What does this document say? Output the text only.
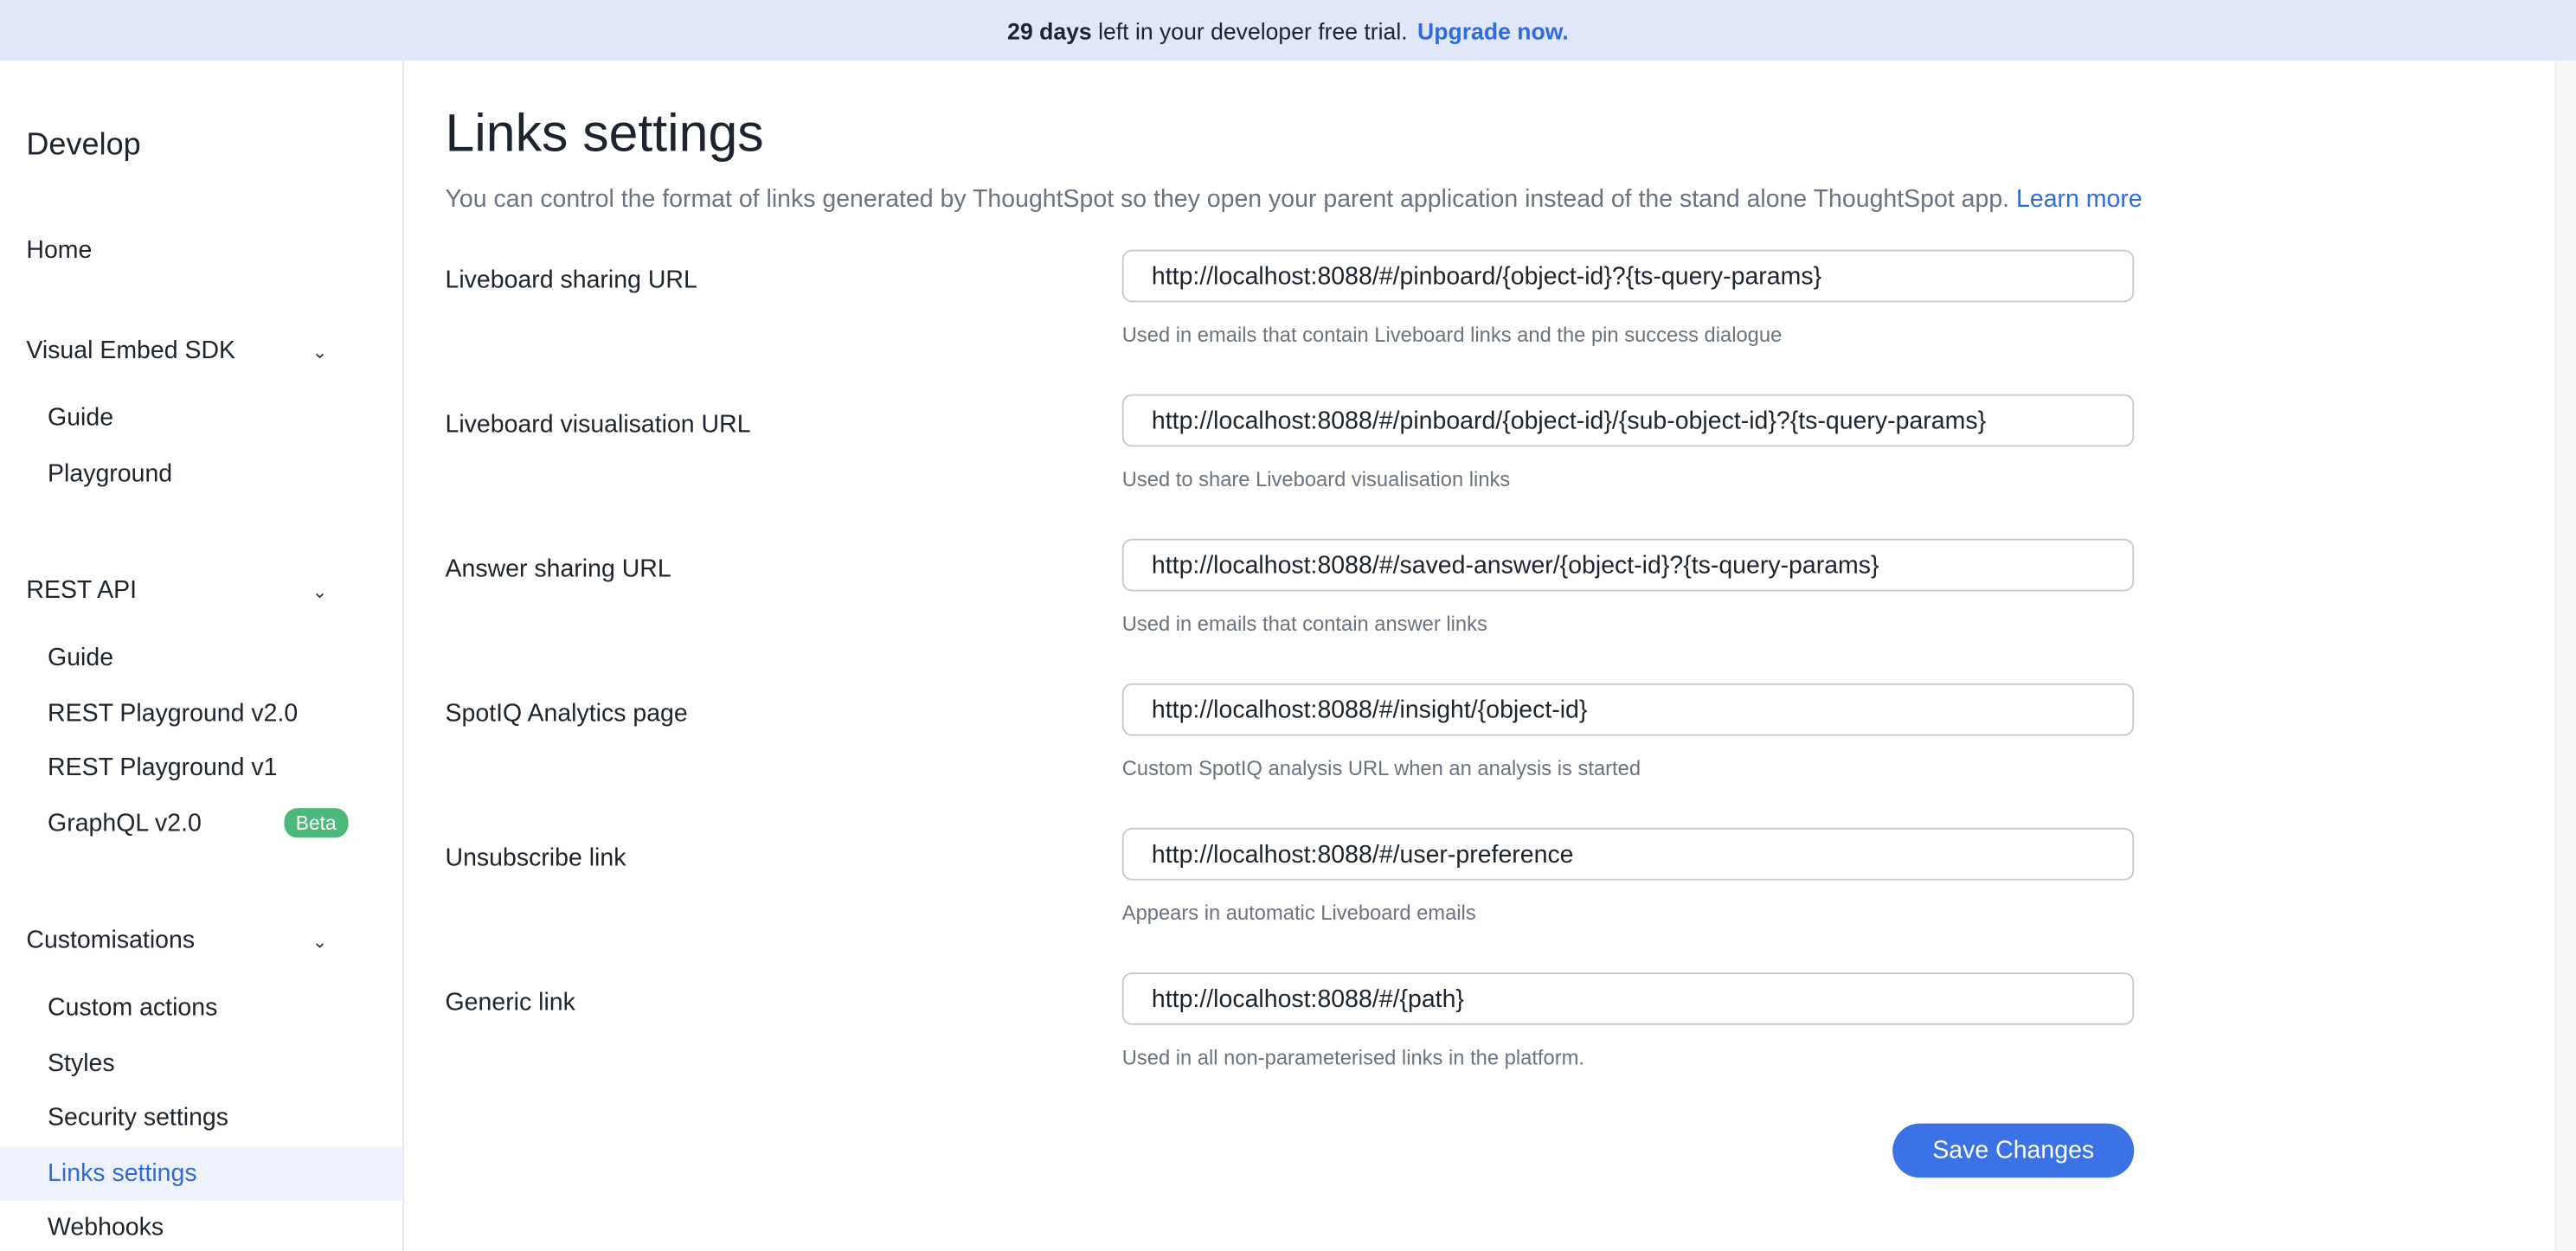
29 days
left in your developer free trial. Upgrade now.
Develop
Home
Visual Embed SDK	⌄
Guide
Playground
REST API	⌄
Guide
REST Playground v2.0
REST Playground v1
GraphQL v2.0	Beta
Customisations	⌄
Custom actions
Styles
Security settings
Links settings
Webhooks
Links settings
You can control the format of links generated by ThoughtSpot so they open your parent application instead of the stand alone ThoughtSpot app. Learn more
Liveboard sharing URL
http://localhost:8088/#/pinboard/{object-id}?{ts-query-params}
Used in emails that contain Liveboard links and the pin success dialogue
Liveboard visualisation URL
http://localhost:8088/#/pinboard/{object-id}/{sub-object-id}?{ts-query-params}
Used to share Liveboard visualisation links
Answer sharing URL
http://localhost:8088/#/saved-answer/{object-id}?{ts-query-params}
Used in emails that contain answer links
SpotIQ Analytics page
http://localhost:8088/#/insight/{object-id}
Custom SpotIQ analysis URL when an analysis is started
Unsubscribe link
http://localhost:8088/#/user-preference
Appears in automatic Liveboard emails
Generic link
http://localhost:8088/#/{path}
Used in all non-parameterised links in the platform.
Save Changes
